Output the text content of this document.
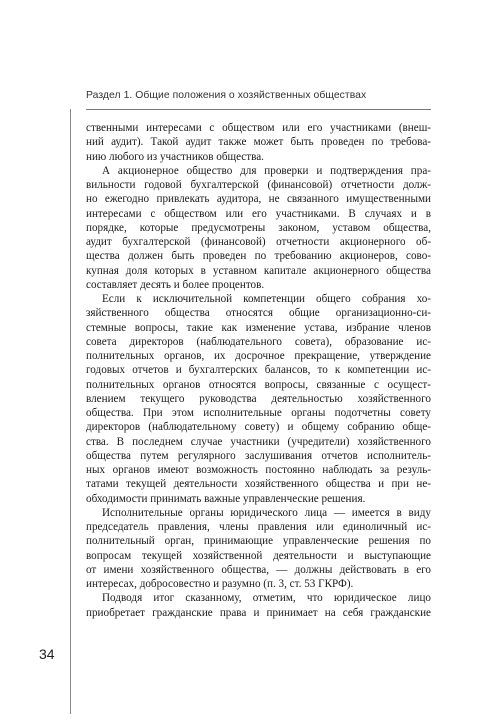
Раздел 1. Общие положения о хозяйственных обществах
ственными интересами с обществом или его участниками (внеш-
ний аудит). Такой аудит также может быть проведен по требова-
нию любого из участников общества.
А акционерное общество для проверки и подтверждения пра-
вильности годовой бухгалтерской (финансовой) отчетности долж-
но ежегодно привлекать аудитора, не связанного имущественными
интересами с обществом или его участниками. В случаях и в
порядке, которые предусмотрены законом, уставом общества,
аудит бухгалтерской (финансовой) отчетности акционерного об-
щества должен быть проведен по требованию акционеров, сово-
купная доля которых в уставном капитале акционерного общества
составляет десять и более процентов.
Если к исключительной компетенции общего собрания хо-
зяйственного общества относятся общие организационно-си-
стемные вопросы, такие как изменение устава, избрание членов
совета директоров (наблюдательного совета), образование ис-
полнительных органов, их досрочное прекращение, утверждение
годовых отчетов и бухгалтерских балансов, то к компетенции ис-
полнительных органов относятся вопросы, связанные с осущест-
влением текущего руководства деятельностью хозяйственного
общества. При этом исполнительные органы подотчетны совету
директоров (наблюдательному совету) и общему собранию обще-
ства. В последнем случае участники (учредители) хозяйственного
общества путем регулярного заслушивания отчетов исполнитель-
ных органов имеют возможность постоянно наблюдать за резуль-
татами текущей деятельности хозяйственного общества и при не-
обходимости принимать важные управленческие решения.
Исполнительные органы юридического лица — имеется в виду
председатель правления, члены правления или единоличный ис-
полнительный орган, принимающие управленческие решения по
вопросам текущей хозяйственной деятельности и выступающие
от имени хозяйственного общества, — должны действовать в его
интересах, добросовестно и разумно (п. 3, ст. 53 ГКРФ).
Подводя итог сказанному, отметим, что юридическое лицо
приобретает гражданские права и принимает на себя гражданские
34
